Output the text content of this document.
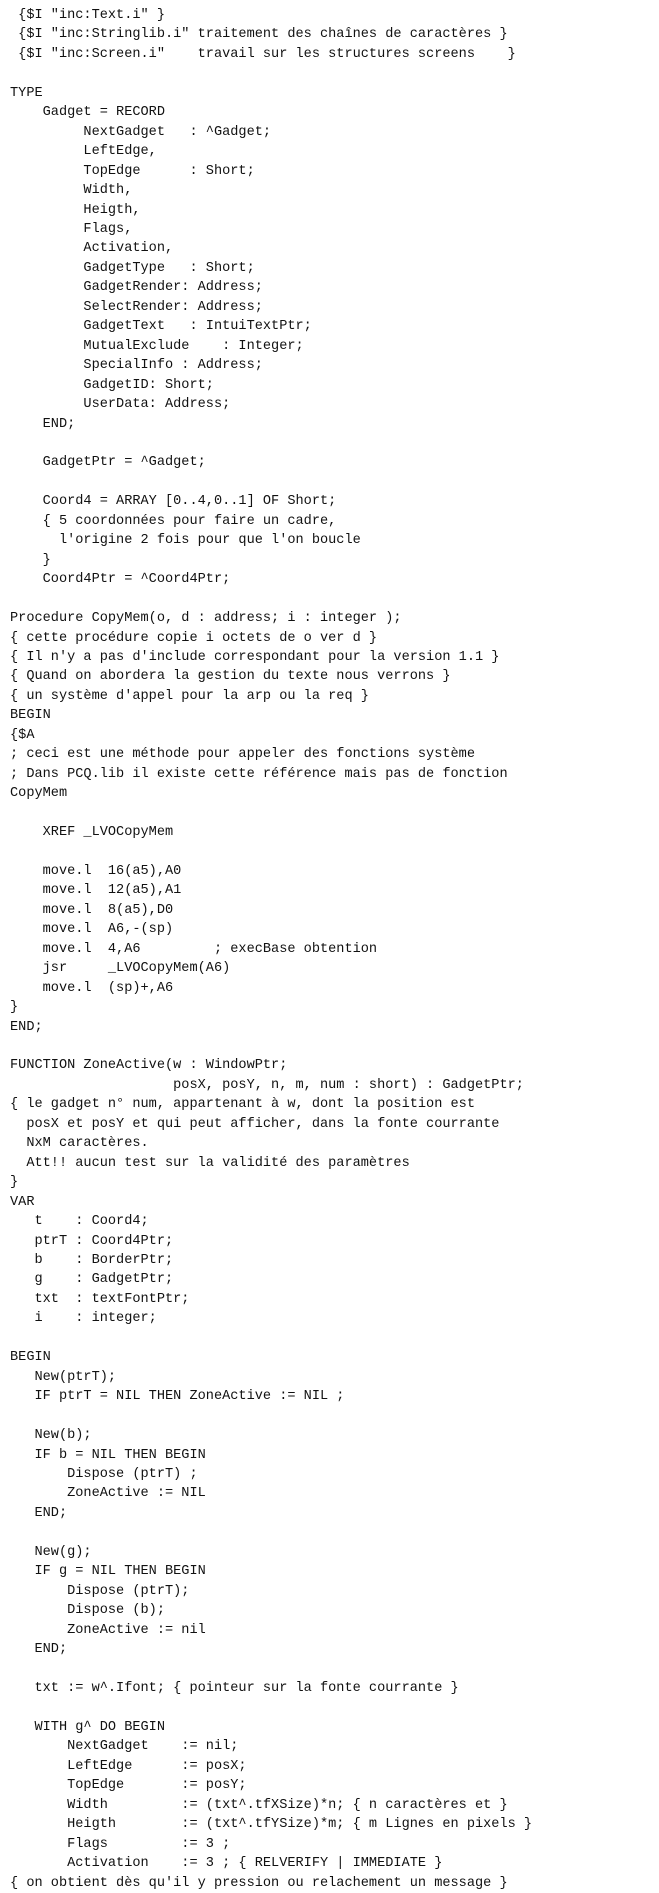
{$I "inc:Text.i" }
{$I "inc:Stringlib.i" traitement des chaînes de caractères }
{$I "inc:Screen.i"    travail sur les structures screens    }
TYPE
Gadget = RECORD
NextGadget   : ^Gadget;
LeftEdge,
TopEdge      : Short;
Width,
Heigth,
Flags,
Activation,
GadgetType   : Short;
GadgetRender: Address;
SelectRender: Address;
GadgetText   : IntuiTextPtr;
MutualExclude    : Integer;
SpecialInfo : Address;
GadgetID: Short;
UserData: Address;
END;
GadgetPtr = ^Gadget;
Coord4 = ARRAY [0..4,0..1] OF Short;
{ 5 coordonnées pour faire un cadre,
l'origine 2 fois pour que l'on boucle
}
Coord4Ptr = ^Coord4Ptr;
Procedure CopyMem(o, d : address; i : integer );
{ cette procédure copie i octets de o ver d }
{ Il n'y a pas d'include correspondant pour la version 1.1 }
{ Quand on abordera la gestion du texte nous verrons }
{ un système d'appel pour la arp ou la req }
BEGIN
{$A
; ceci est une méthode pour appeler des fonctions système
; Dans PCQ.lib il existe cette référence mais pas de fonction
CopyMem
XREF _LVOCopyMem
move.l  16(a5),A0
move.l  12(a5),A1
move.l  8(a5),D0
move.l  A6,-(sp)
move.l  4,A6         ; execBase obtention
jsr     _LVOCopyMem(A6)
move.l  (sp)+,A6
}
END;
FUNCTION ZoneActive(w : WindowPtr;
posX, posY, n, m, num : short) : GadgetPtr;
{ le gadget n° num, appartenant à w, dont la position est
posX et posY et qui peut afficher, dans la fonte courrante
NxM caractères.
Att!! aucun test sur la validité des paramètres
}
VAR
t    : Coord4;
ptrT : Coord4Ptr;
b    : BorderPtr;
g    : GadgetPtr;
txt  : textFontPtr;
i    : integer;
BEGIN
New(ptrT);
IF ptrT = NIL THEN ZoneActive := NIL ;
New(b);
IF b = NIL THEN BEGIN
Dispose (ptrT) ;
ZoneActive := NIL
END;
New(g);
IF g = NIL THEN BEGIN
Dispose (ptrT);
Dispose (b);
ZoneActive := nil
END;
txt := w^.Ifont; { pointeur sur la fonte courrante }
WITH g^ DO BEGIN
NextGadget    := nil;
LeftEdge      := posX;
TopEdge       := posY;
Width         := (txt^.tfXSize)*n; { n caractères et }
Heigth        := (txt^.tfYSize)*m; { m Lignes en pixels }
Flags         := 3 ;
Activation    := 3 ; { RELVERIFY | IMMEDIATE }
{ on obtient dès qu'il y pression ou relachement un message }
